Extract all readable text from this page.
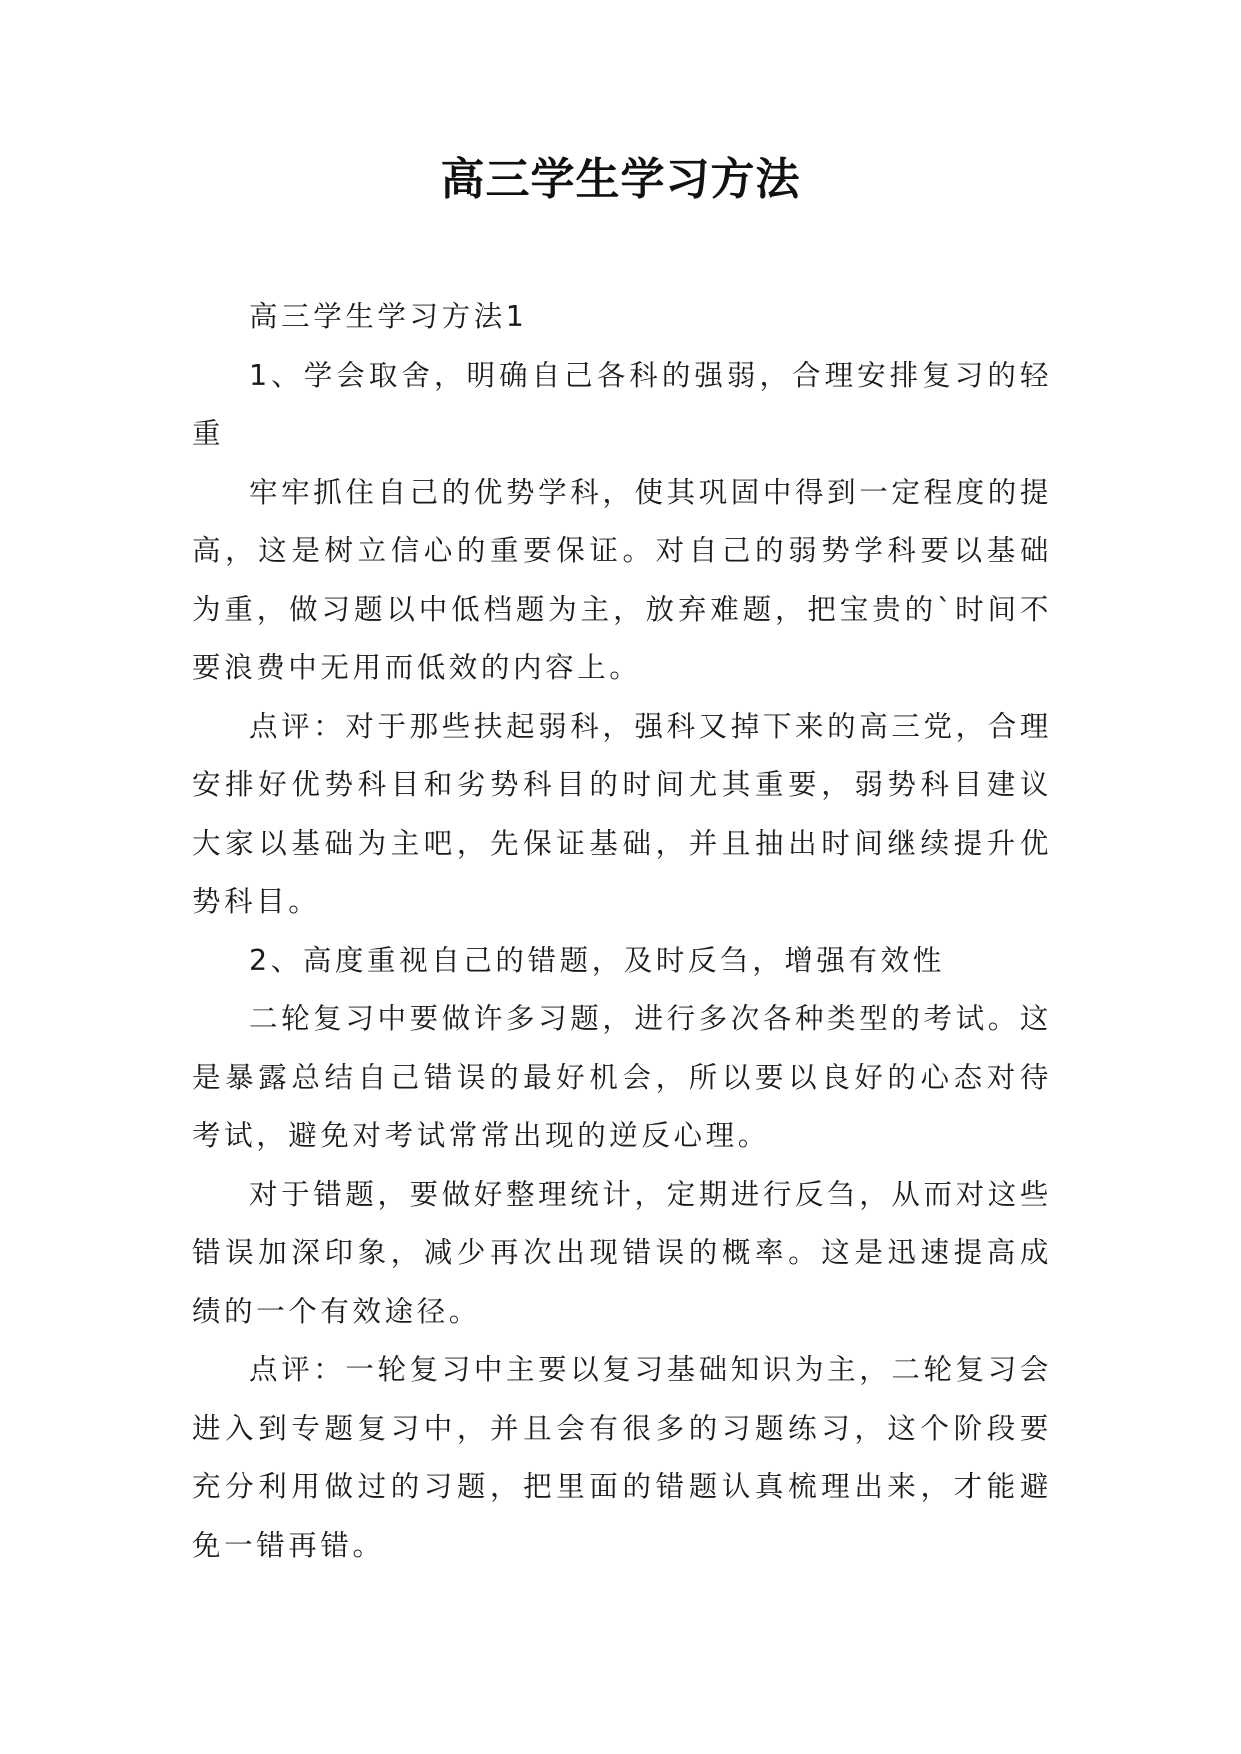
高三学生学习方法

高三学生学习方法1

1、学会取舍，明确自己各科的强弱，合理安排复习的轻重

牢牢抓住自己的优势学科，使其巩固中得到一定程度的提高，这是树立信心的重要保证。对自己的弱势学科要以基础为重，做习题以中低档题为主，放弃难题，把宝贵的`时间不要浪费中无用而低效的内容上。

点评：对于那些扶起弱科，强科又掉下来的高三党，合理安排好优势科目和劣势科目的时间尤其重要，弱势科目建议大家以基础为主吧，先保证基础，并且抽出时间继续提升优势科目。

2、高度重视自己的错题，及时反刍，增强有效性

二轮复习中要做许多习题，进行多次各种类型的考试。这是暴露总结自己错误的最好机会，所以要以良好的心态对待考试，避免对考试常常出现的逆反心理。

对于错题，要做好整理统计，定期进行反刍，从而对这些错误加深印象，减少再次出现错误的概率。这是迅速提高成绩的一个有效途径。

点评：一轮复习中主要以复习基础知识为主，二轮复习会进入到专题复习中，并且会有很多的习题练习，这个阶段要充分利用做过的习题，把里面的错题认真梳理出来，才能避免一错再错。
